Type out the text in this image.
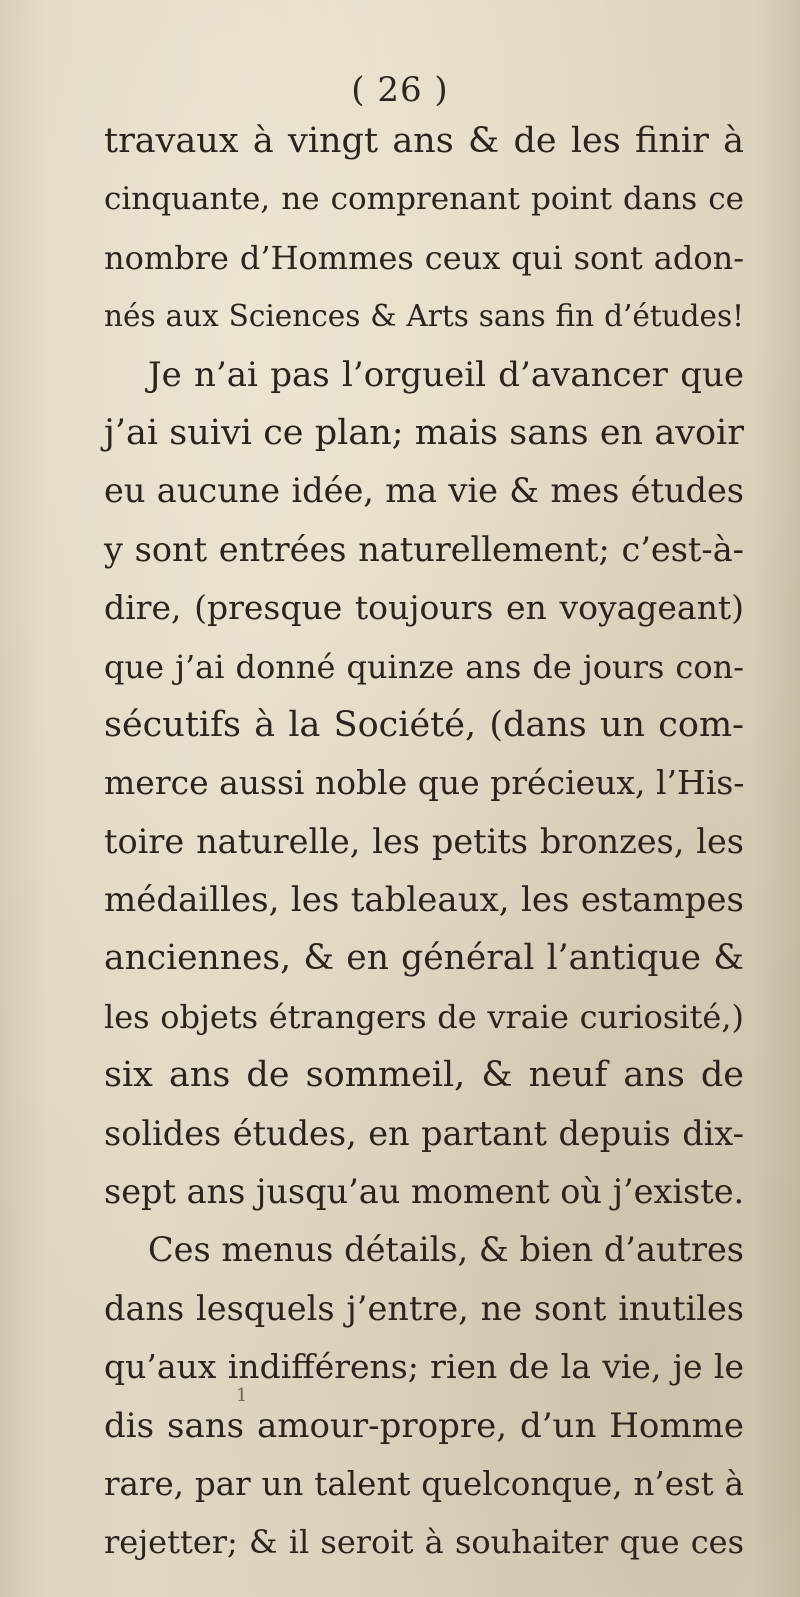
( 26 )
travaux à vingt ans & de les finir à
cinquante, ne comprenant point dans ce
nombre d’Hommes ceux qui sont adon-
nés aux Sciences & Arts sans fin d’études!
Je n’ai pas l’orgueil d’avancer que
j’ai suivi ce plan; mais sans en avoir
eu aucune idée, ma vie & mes études
y sont entrées naturellement; c’est-à-
dire, (presque toujours en voyageant)
que j’ai donné quinze ans de jours con-
sécutifs à la Société, (dans un com-
merce aussi noble que précieux, l’His-
toire naturelle, les petits bronzes, les
médailles, les tableaux, les estampes
anciennes, & en général l’antique &
les objets étrangers de vraie curiosité,)
six ans de sommeil, & neuf ans de
solides études, en partant depuis dix-
sept ans jusqu’au moment où j’existe.
Ces menus détails, & bien d’autres
dans lesquels j’entre, ne sont inutiles
qu’aux indifférens; rien de la vie, je le
dis sans amour-propre, d’un Homme
rare, par un talent quelconque, n’est à
rejetter; & il seroit à souhaiter que ces
1
